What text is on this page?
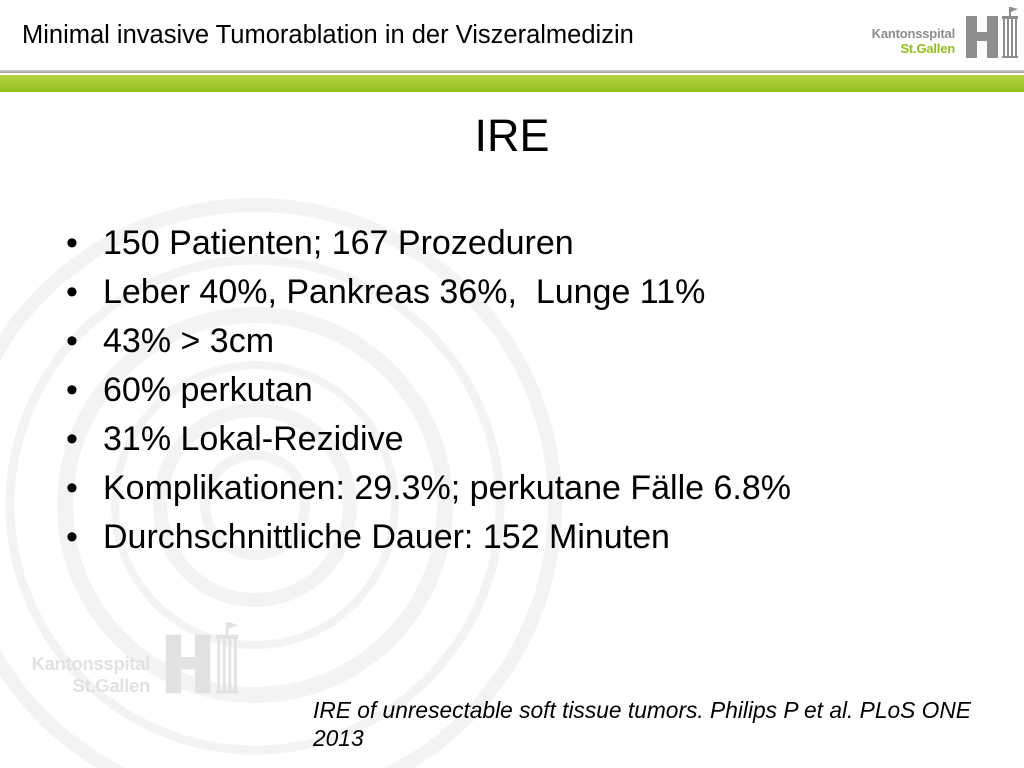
Minimal invasive Tumorablation in der Viszeralmedizin	Kantonsspital
St.Gallen
IRE
• 150 Patienten; 167 Prozeduren
• Leber 40%, Pankreas 36%,  Lunge 11%
• 43% > 3cm
• 60% perkutan
• 31% Lokal-Rezidive
• Komplikationen: 29.3%; perkutane Fälle 6.8%
• Durchschnittliche Dauer: 152 Minuten
Kantonsspital
St.Gallen
IRE of unresectable soft tissue tumors. Philips P et al. PLoS ONE 2013
